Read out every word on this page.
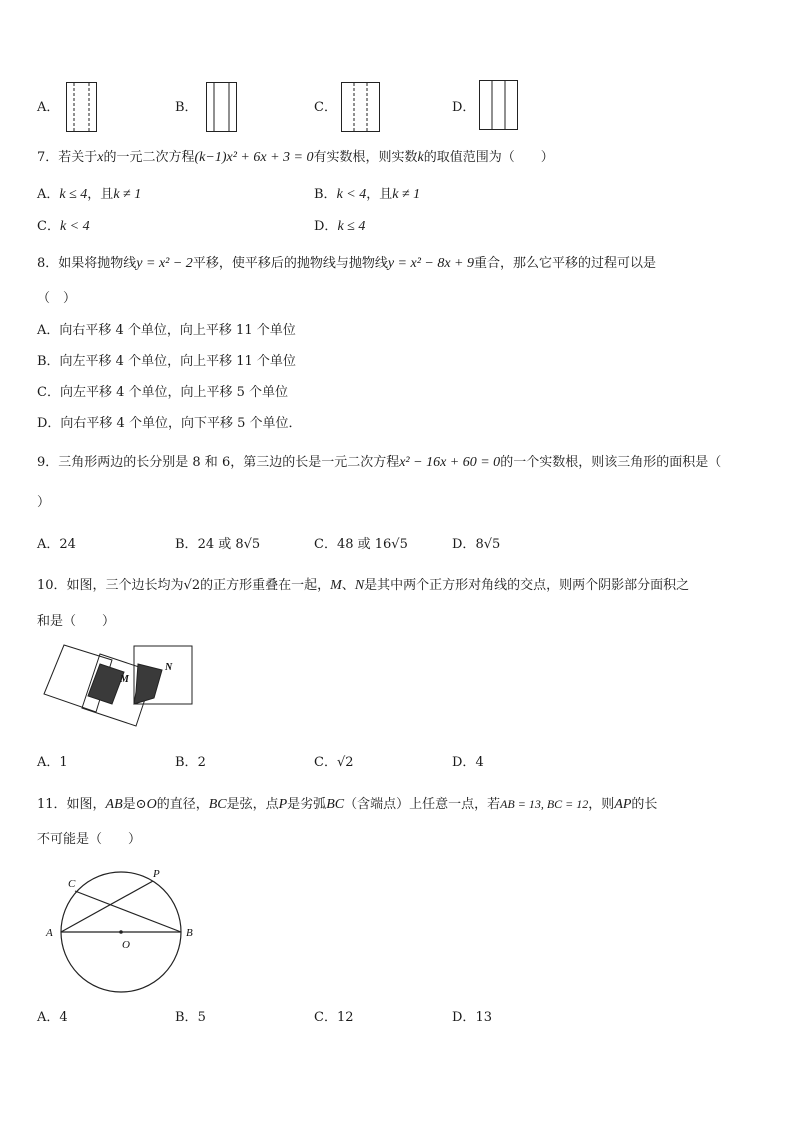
A．	B．	C．	D．
7．若关于x的一元二次方程(k−1)x² + 6x + 3 = 0有实数根，则实数k的取值范围为（　　）
A．k ≤ 4，且k ≠ 1	B．k < 4，且k ≠ 1
C．k < 4	D．k ≤ 4
8．如果将抛物线y = x² − 2平移，使平移后的抛物线与抛物线y = x² − 8x + 9重合，那么它平移的过程可以是
（　）
A．向右平移 4 个单位，向上平移 11 个单位
B．向左平移 4 个单位，向上平移 11 个单位
C．向左平移 4 个单位，向上平移 5 个单位
D．向右平移 4 个单位，向下平移 5 个单位．
9．三角形两边的长分别是 8 和 6，第三边的长是一元二次方程x² − 16x + 60 = 0的一个实数根，则该三角形的面积是（
）
A．24	B．24 或 8√5	C．48 或 16√5	D．8√5
10．如图，三个边长均为√2的正方形重叠在一起，M、N是其中两个正方形对角线的交点，则两个阴影部分面积之
和是（　　）
M
N
A．1	B．2	C．√2	D．4
11．如图，AB是⊙O的直径，BC是弦，点P是劣弧BC（含端点）上任意一点，若AB = 13, BC = 12，则AP的长
不可能是（　　）
A	B
C
P
O
A．4	B．5	C．12	D．13
